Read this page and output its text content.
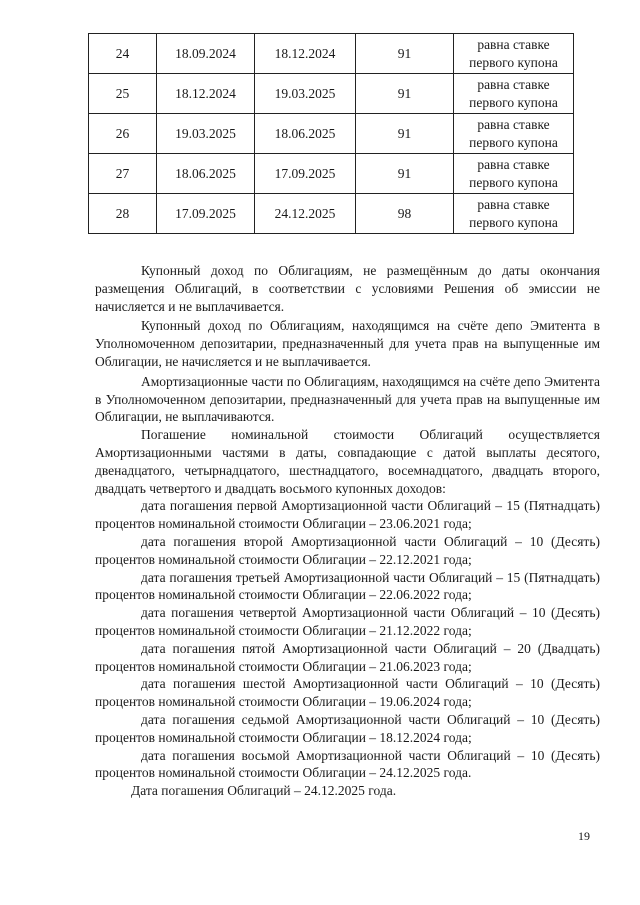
24	18.09.2024	18.12.2024	91	равна ставке
первого купона

25	18.12.2024	19.03.2025	91	равна ставке
первого купона

26	19.03.2025	18.06.2025	91	равна ставке
первого купона

27	18.06.2025	17.09.2025	91	равна ставке
первого купона

28	17.09.2025	24.12.2025	98	равна ставке
первого купона

Купонный доход по Облигациям, не размещённым до даты окончания размещения Облигаций, в соответствии с условиями Решения об эмиссии не начисляется и не выплачивается.

Купонный доход по Облигациям, находящимся на счёте депо Эмитента в Уполномоченном депозитарии, предназначенный для учета прав на выпущенные им Облигации, не начисляется и не выплачивается.

Амортизационные части по Облигациям, находящимся на счёте депо Эмитента в Уполномоченном депозитарии, предназначенный для учета прав на выпущенные им Облигации, не выплачиваются.

Погашение номинальной стоимости Облигаций осуществляется Амортизационными частями в даты, совпадающие с датой выплаты десятого, двенадцатого, четырнадцатого, шестнадцатого, восемнадцатого, двадцать второго, двадцать четвертого и двадцать восьмого купонных доходов:

дата погашения первой Амортизационной части Облигаций – 15 (Пятнадцать) процентов номинальной стоимости Облигации – 23.06.2021 года;

дата погашения второй Амортизационной части Облигаций – 10 (Десять) процентов номинальной стоимости Облигации – 22.12.2021 года;

дата погашения третьей Амортизационной части Облигаций – 15 (Пятнадцать) процентов номинальной стоимости Облигации – 22.06.2022 года;

дата погашения четвертой Амортизационной части Облигаций – 10 (Десять) процентов номинальной стоимости Облигации – 21.12.2022 года;

дата погашения пятой Амортизационной части Облигаций – 20 (Двадцать) процентов номинальной стоимости Облигации – 21.06.2023 года;

дата погашения шестой Амортизационной части Облигаций – 10 (Десять) процентов номинальной стоимости Облигации – 19.06.2024 года;

дата погашения седьмой Амортизационной части Облигаций – 10 (Десять) процентов номинальной стоимости Облигации – 18.12.2024 года;

дата погашения восьмой Амортизационной части Облигаций – 10 (Десять) процентов номинальной стоимости Облигации – 24.12.2025 года.

Дата погашения Облигаций – 24.12.2025 года.

19
